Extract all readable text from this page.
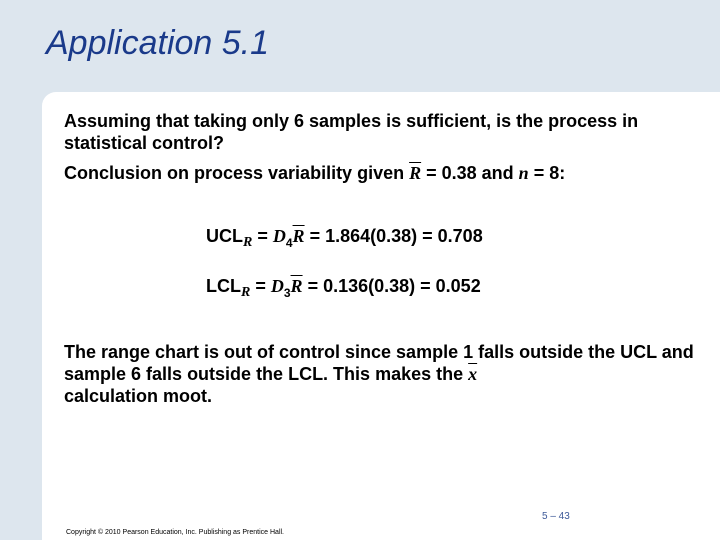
Application 5.1
Assuming that taking only 6 samples is sufficient, is the process in statistical control?
Conclusion on process variability given $\overline{R} = 0.38$ and n = 8:
$UCL_R = D_4\overline{R} = 1.864(0.38) = 0.708$
$LCL_R = D_3\overline{R} = 0.136(0.38) = 0.052$
The range chart is out of control since sample 1 falls outside the UCL and sample 6 falls outside the LCL. This makes the $\overline{x}$
calculation moot.
5 – 43
Copyright © 2010 Pearson Education, Inc. Publishing as Prentice Hall.
